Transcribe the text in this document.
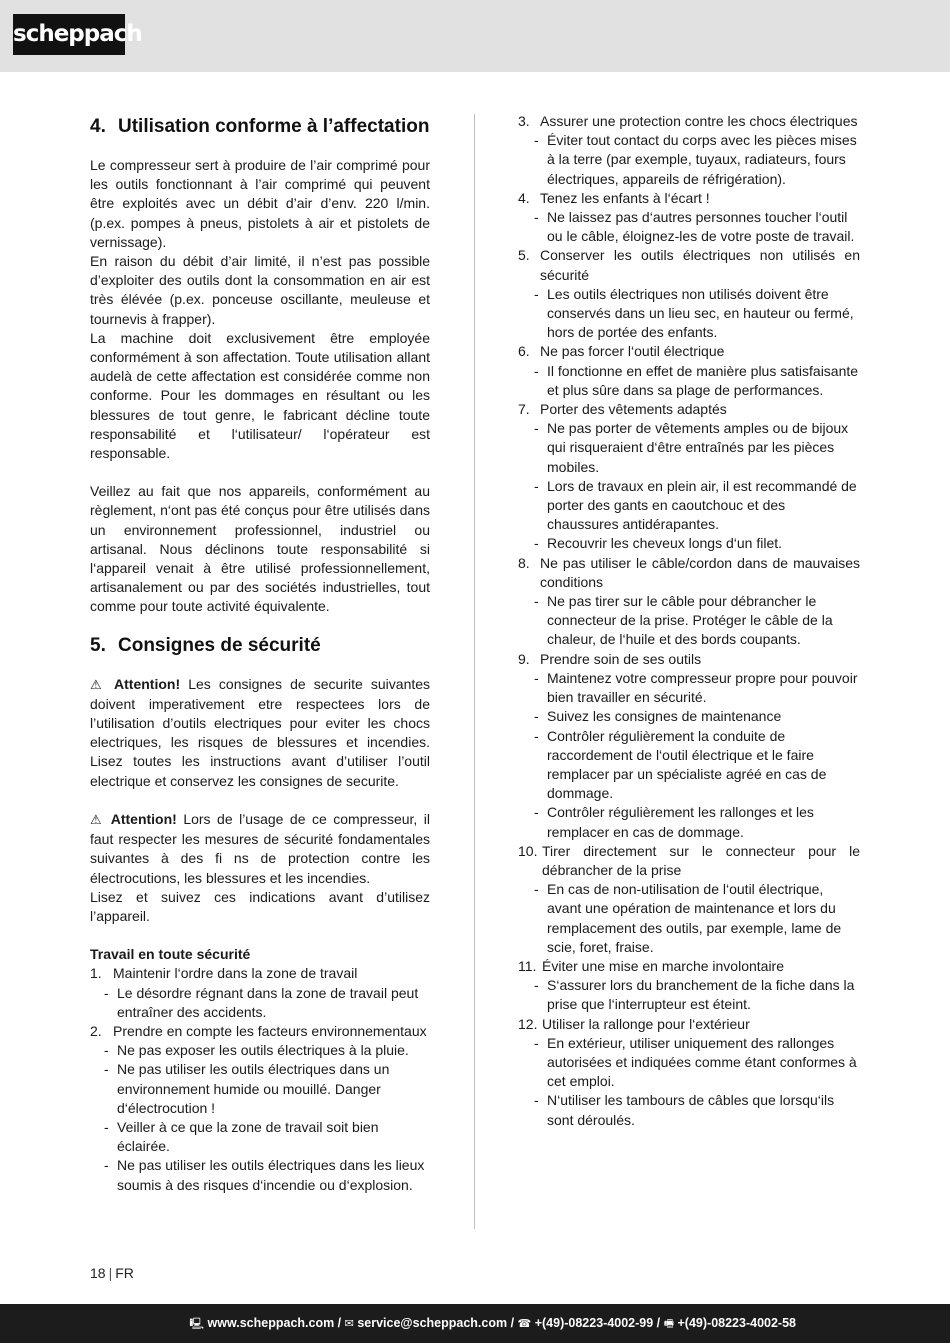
scheppach
4. Utilisation conforme à l’affectation

Le compresseur sert à produire de l’air comprimé pour les outils fonctionnant à l’air comprimé qui peuvent être exploités avec un débit d’air d’env. 220 l/min. (p.ex. pompes à pneus, pistolets à air et pistolets de vernissage).

En raison du débit d’air limité, il n’est pas possible d’exploiter des outils dont la consommation en air est très élévée (p.ex. ponceuse oscillante, meuleuse et tournevis à frapper).

La machine doit exclusivement être employée conformément à son affectation. Toute utilisation allant audelà de cette affectation est considérée comme non conforme. Pour les dommages en résultant ou les blessures de tout genre, le fabricant décline toute responsabilité et l‘utilisateur/ l‘opérateur est responsable.

Veillez au fait que nos appareils, conformément au règlement, n‘ont pas été conçus pour être utilisés dans un environnement professionnel, industriel ou artisanal. Nous déclinons toute responsabilité si l‘appareil venait à être utilisé professionnellement, artisanalement ou par des sociétés industrielles, tout comme pour toute activité équivalente.

5. Consignes de sécurité

⚠ Attention! Les consignes de securite suivantes doivent imperativement etre respectees lors de l’utilisation d’outils electriques pour eviter les chocs electriques, les risques de blessures et incendies. Lisez toutes les instructions avant d’utiliser l’outil electrique et conservez les consignes de securite.

⚠ Attention! Lors de l’usage de ce compresseur, il faut respecter les mesures de sécurité fondamentales suivantes à des fi ns de protection contre les électrocutions, les blessures et les incendies.

Lisez et suivez ces indications avant d’utilisez l’appareil.

Travail en toute sécurité

1. Maintenir l‘ordre dans la zone de travail
- Le désordre régnant dans la zone de travail peut entraîner des accidents.
2. Prendre en compte les facteurs environnementaux
- Ne pas exposer les outils électriques à la pluie.
- Ne pas utiliser les outils électriques dans un environnement humide ou mouillé. Danger d‘électrocution !
- Veiller à ce que la zone de travail soit bien éclairée.
- Ne pas utiliser les outils électriques dans les lieux soumis à des risques d‘incendie ou d‘explosion.
3. Assurer une protection contre les chocs électriques
- Éviter tout contact du corps avec les pièces mises à la terre (par exemple, tuyaux, radiateurs, fours électriques, appareils de réfrigération).
4. Tenez les enfants à l‘écart !
- Ne laissez pas d‘autres personnes toucher l‘outil ou le câble, éloignez-les de votre poste de travail.
5. Conserver les outils électriques non utilisés en sécurité
- Les outils électriques non utilisés doivent être conservés dans un lieu sec, en hauteur ou fermé, hors de portée des enfants.
6. Ne pas forcer l‘outil électrique
- Il fonctionne en effet de manière plus satisfaisante et plus sûre dans sa plage de performances.
7. Porter des vêtements adaptés
- Ne pas porter de vêtements amples ou de bijoux qui risqueraient d‘être entraînés par les pièces mobiles.
- Lors de travaux en plein air, il est recommandé de porter des gants en caoutchouc et des chaussures antidérapantes.
- Recouvrir les cheveux longs d‘un filet.
8. Ne pas utiliser le câble/cordon dans de mauvaises conditions
- Ne pas tirer sur le câble pour débrancher le connecteur de la prise. Protéger le câble de la chaleur, de l‘huile et des bords coupants.
9. Prendre soin de ses outils
- Maintenez votre compresseur propre pour pouvoir bien travailler en sécurité.
- Suivez les consignes de maintenance
- Contrôler régulièrement la conduite de raccordement de l‘outil électrique et le faire remplacer par un spécialiste agréé en cas de dommage.
- Contrôler régulièrement les rallonges et les remplacer en cas de dommage.
10. Tirer directement sur le connecteur pour le débrancher de la prise
- En cas de non-utilisation de l‘outil électrique, avant une opération de maintenance et lors du remplacement des outils, par exemple, lame de scie, foret, fraise.
11. Éviter une mise en marche involontaire
- S‘assurer lors du branchement de la fiche dans la prise que l‘interrupteur est éteint.
12. Utiliser la rallonge pour l‘extérieur
- En extérieur, utiliser uniquement des rallonges autorisées et indiquées comme étant conformes à cet emploi.
- N‘utiliser les tambours de câbles que lorsqu‘ils sont déroulés.
18 | FR
🖳 www.scheppach.com / ✉ service@scheppach.com / ☎ +(49)-08223-4002-99 / 🖷 +(49)-08223-4002-58
